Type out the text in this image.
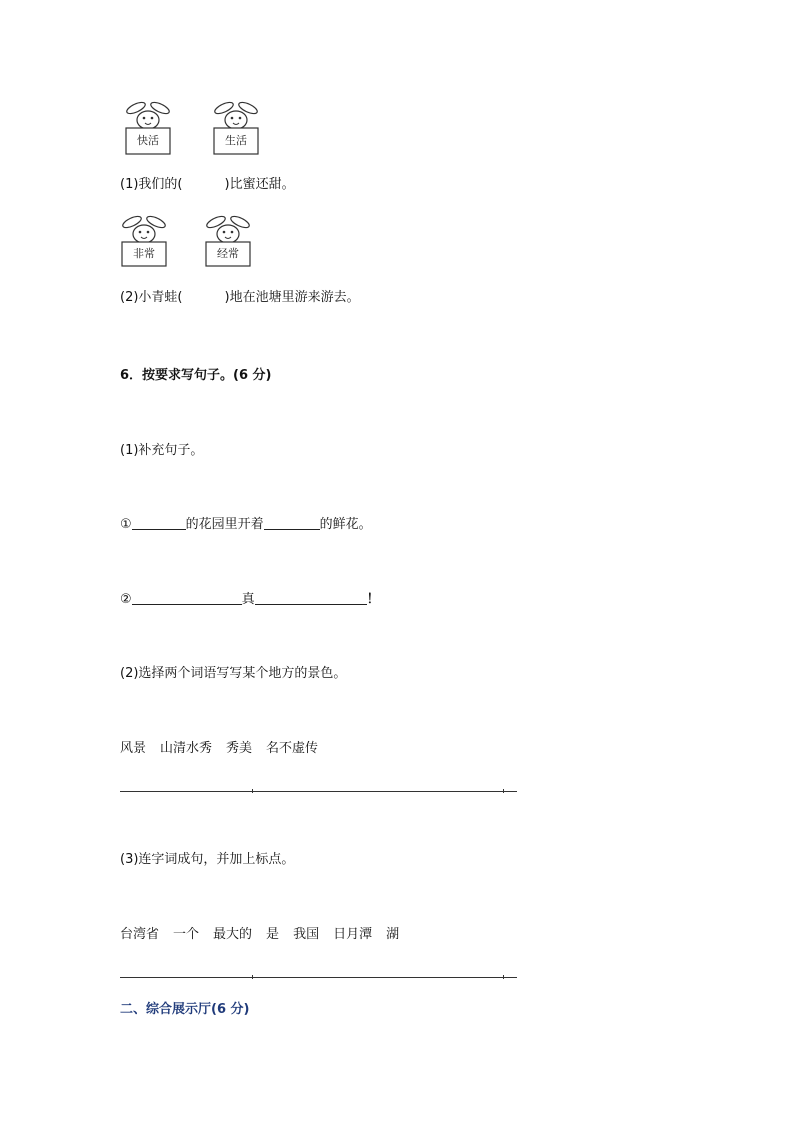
快活	生活
(1)我们的(	)比蜜还甜。
非常	经常
(2)小青蛙(	)地在池塘里游来游去。
6．按要求写句子。(6 分)
(1)补充句子。
①	的花园里开着	的鲜花。
②	真	！
(2)选择两个词语写写某个地方的景色。
风景 山清水秀 秀美 名不虚传
(3)连字词成句，并加上标点。
台湾省 一个 最大的 是 我国 日月潭 湖
二、综合展示厅(6 分)
